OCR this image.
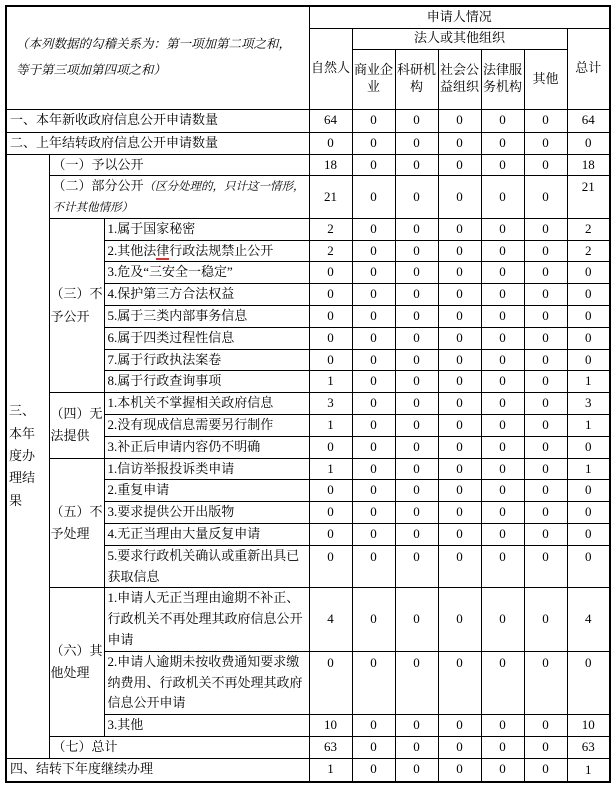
（本列数据的勾稽关系为：第一项加第二项之和，等于第三项加第四项之和）			申请人情况						
			自然人	法人或其他组织					总计
				商业企业	科研机构	社会公益组织	法律服务机构	其他	
一、本年新收政府信息公开申请数量			64	0	0	0	0	0	64
二、上年结转政府信息公开申请数量			0	0	0	0	0	0	0
三、本年度办理结果	（一）予以公开		18	0	0	0	0	0	18
	（二）部分公开（区分处理的，只计这一情形，不计其他情形）		21	0	0	0	0	0	21
	（三）不予公开	1.属于国家秘密	2	0	0	0	0	0	2
		2.其他法律行政法规禁止公开	2	0	0	0	0	0	2
		3.危及“三安全一稳定”	0	0	0	0	0	0	0
		4.保护第三方合法权益	0	0	0	0	0	0	0
		5.属于三类内部事务信息	0	0	0	0	0	0	0
		6.属于四类过程性信息	0	0	0	0	0	0	0
		7.属于行政执法案卷	0	0	0	0	0	0	0
		8.属于行政查询事项	1	0	0	0	0	0	1
	（四）无法提供	1.本机关不掌握相关政府信息	3	0	0	0	0	0	3
		2.没有现成信息需要另行制作	1	0	0	0	0	0	1
		3.补正后申请内容仍不明确	0	0	0	0	0	0	0
	（五）不予处理	1.信访举报投诉类申请	1	0	0	0	0	0	1
		2.重复申请	0	0	0	0	0	0	0
		3.要求提供公开出版物	0	0	0	0	0	0	0
		4.无正当理由大量反复申请	0	0	0	0	0	0	0
		5.要求行政机关确认或重新出具已获取信息	0	0	0	0	0	0	0
	（六）其他处理	1.申请人无正当理由逾期不补正、行政机关不再处理其政府信息公开申请	4	0	0	0	0	0	4
		2.申请人逾期未按收费通知要求缴纳费用、行政机关不再处理其政府信息公开申请	0	0	0	0	0	0	0
		3.其他	10	0	0	0	0	0	10
	（七）总计		63	0	0	0	0	0	63
四、结转下年度继续办理			1	0	0	0	0	0	1
